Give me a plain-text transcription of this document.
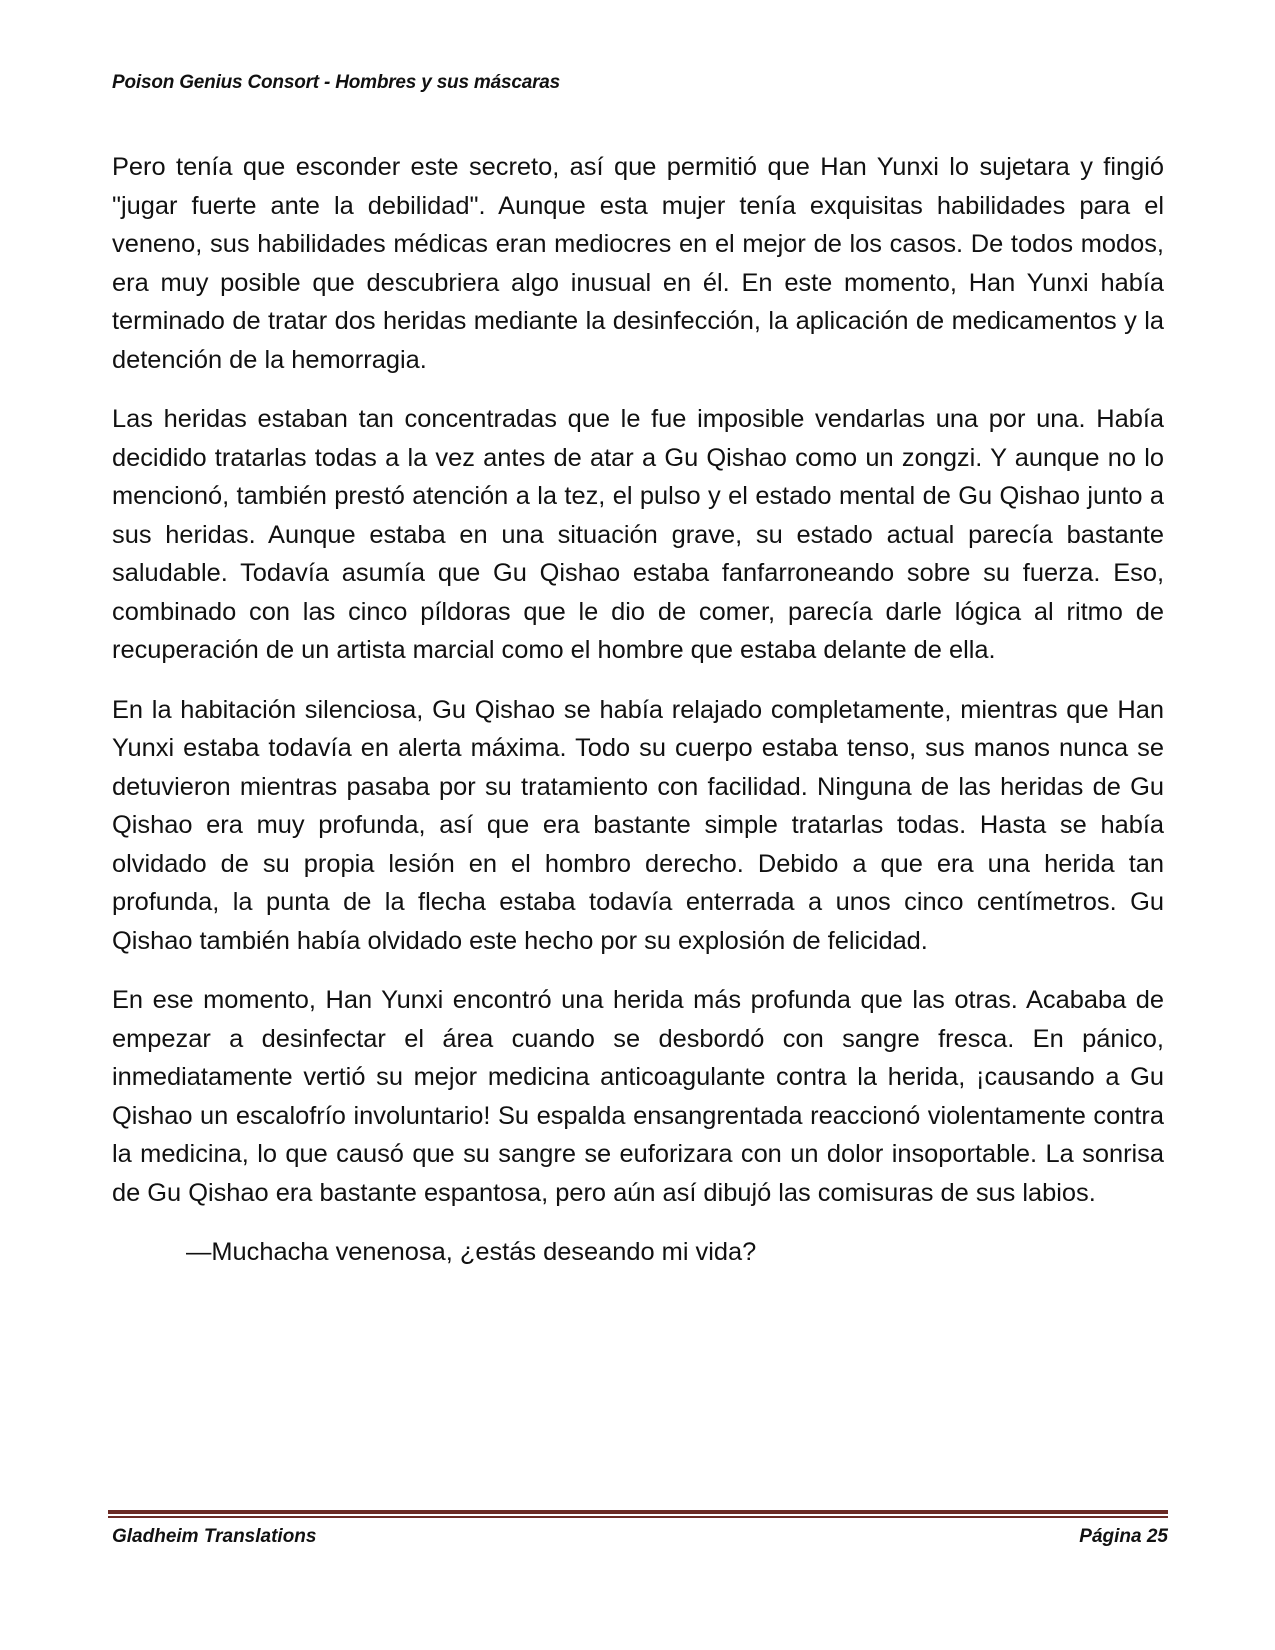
Poison Genius Consort - Hombres y sus máscaras

Pero tenía que esconder este secreto, así que permitió que Han Yunxi lo sujetara y fingió "jugar fuerte ante la debilidad". Aunque esta mujer tenía exquisitas habilidades para el veneno, sus habilidades médicas eran mediocres en el mejor de los casos. De todos modos, era muy posible que descubriera algo inusual en él. En este momento, Han Yunxi había terminado de tratar dos heridas mediante la desinfección, la aplicación de medicamentos y la detención de la hemorragia.

Las heridas estaban tan concentradas que le fue imposible vendarlas una por una. Había decidido tratarlas todas a la vez antes de atar a Gu Qishao como un zongzi. Y aunque no lo mencionó, también prestó atención a la tez, el pulso y el estado mental de Gu Qishao junto a sus heridas. Aunque estaba en una situación grave, su estado actual parecía bastante saludable. Todavía asumía que Gu Qishao estaba fanfarroneando sobre su fuerza. Eso, combinado con las cinco píldoras que le dio de comer, parecía darle lógica al ritmo de recuperación de un artista marcial como el hombre que estaba delante de ella.

En la habitación silenciosa, Gu Qishao se había relajado completamente, mientras que Han Yunxi estaba todavía en alerta máxima. Todo su cuerpo estaba tenso, sus manos nunca se detuvieron mientras pasaba por su tratamiento con facilidad. Ninguna de las heridas de Gu Qishao era muy profunda, así que era bastante simple tratarlas todas. Hasta se había olvidado de su propia lesión en el hombro derecho. Debido a que era una herida tan profunda, la punta de la flecha estaba todavía enterrada a unos cinco centímetros. Gu Qishao también había olvidado este hecho por su explosión de felicidad.

En ese momento, Han Yunxi encontró una herida más profunda que las otras. Acababa de empezar a desinfectar el área cuando se desbordó con sangre fresca. En pánico, inmediatamente vertió su mejor medicina anticoagulante contra la herida, ¡causando a Gu Qishao un escalofrío involuntario! Su espalda ensangrentada reaccionó violentamente contra la medicina, lo que causó que su sangre se euforizara con un dolor insoportable. La sonrisa de Gu Qishao era bastante espantosa, pero aún así dibujó las comisuras de sus labios.

—Muchacha venenosa, ¿estás deseando mi vida?

Gladheim Translations	Página 25
